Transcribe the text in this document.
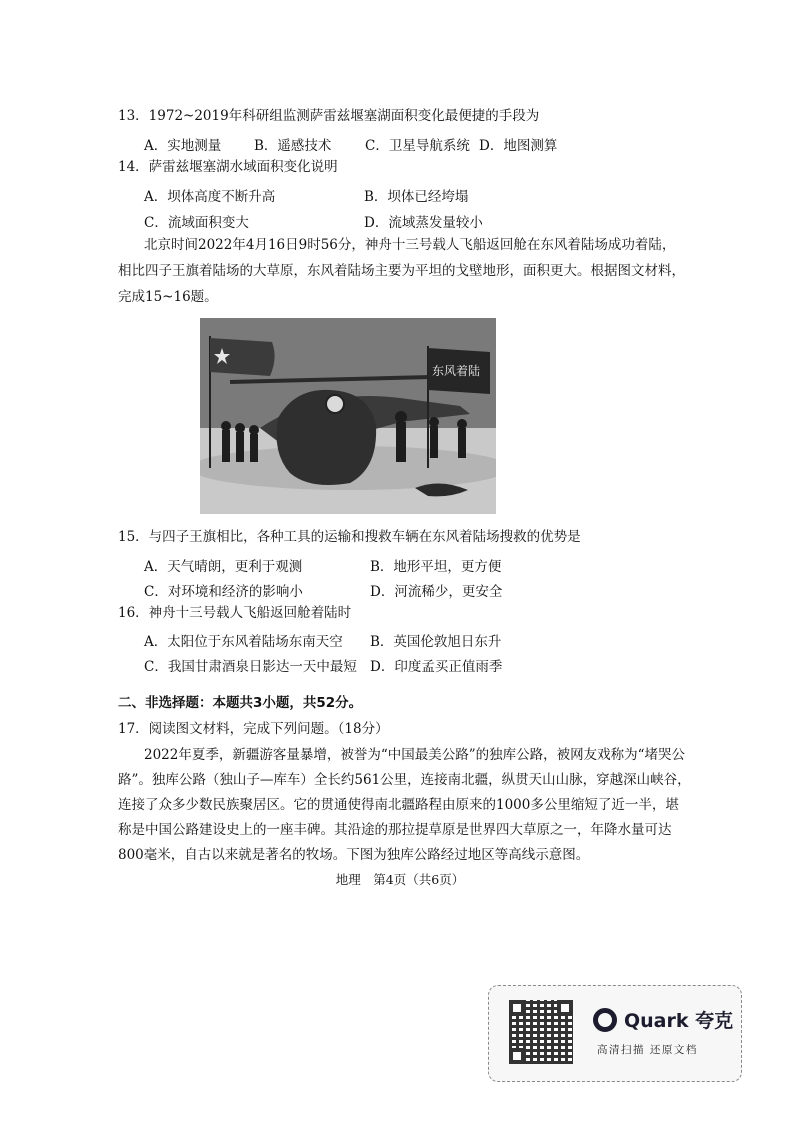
13．1972~2019年科研组监测萨雷兹堰塞湖面积变化最便捷的手段为
A．实地测量 B．遥感技术 C．卫星导航系统 D．地图测算
14．萨雷兹堰塞湖水域面积变化说明
A．坝体高度不断升高	B．坝体已经垮塌
C．流域面积变大	D．流域蒸发量较小
北京时间2022年4月16日9时56分，神舟十三号载人飞船返回舱在东风着陆场成功着陆，
相比四子王旗着陆场的大草原，东风着陆场主要为平坦的戈壁地形，面积更大。根据图文材料，
完成15~16题。
东风着陆
15．与四子王旗相比，各种工具的运输和搜救车辆在东风着陆场搜救的优势是
A．天气晴朗，更利于观测	B．地形平坦，更方便
C．对环境和经济的影响小	D．河流稀少，更安全
16．神舟十三号载人飞船返回舱着陆时
A．太阳位于东风着陆场东南天空 B．英国伦敦旭日东升
C．我国甘肃酒泉日影达一天中最短 D．印度孟买正值雨季
二、非选择题：本题共3小题，共52分。
17．阅读图文材料，完成下列问题。（18分）
2022年夏季，新疆游客量暴增，被誉为“中国最美公路”的独库公路，被网友戏称为“堵哭公
路”。独库公路（独山子—库车）全长约561公里，连接南北疆，纵贯天山山脉，穿越深山峡谷，
连接了众多少数民族聚居区。它的贯通使得南北疆路程由原来的1000多公里缩短了近一半，堪
称是中国公路建设史上的一座丰碑。其沿途的那拉提草原是世界四大草原之一，年降水量可达
800毫米，自古以来就是著名的牧场。下图为独库公路经过地区等高线示意图。
地理　第4页（共6页）
Quark 夸克
高清扫描 还原文档
